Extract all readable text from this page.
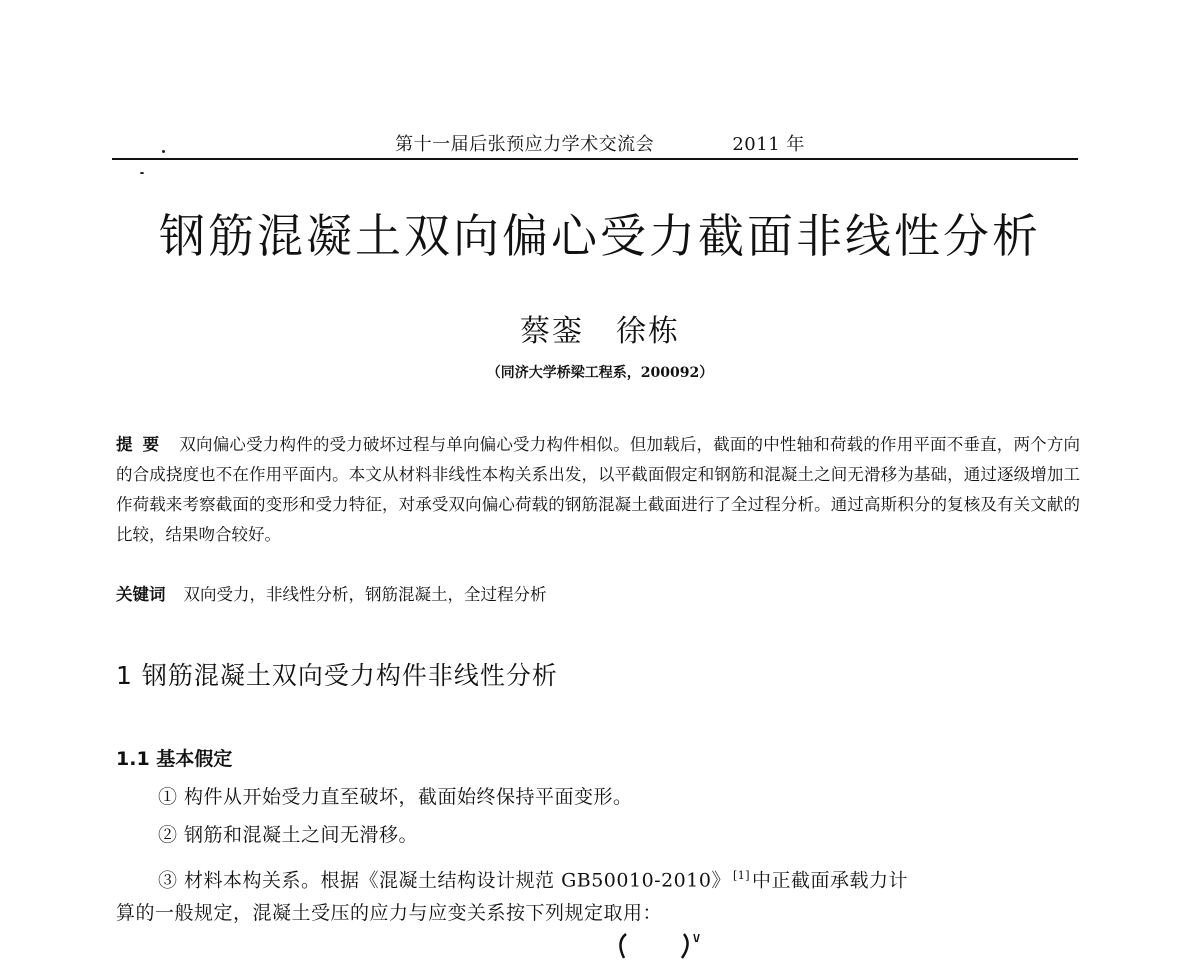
第十一届后张预应力学术交流会	2011 年
钢筋混凝土双向偏心受力截面非线性分析
蔡銮　徐栋
（同济大学桥梁工程系，200092）
提要 双向偏心受力构件的受力破坏过程与单向偏心受力构件相似。但加载后，截面的中性轴和荷载的作用平面不垂直，两个方向的合成挠度也不在作用平面内。本文从材料非线性本构关系出发，以平截面假定和钢筋和混凝土之间无滑移为基础，通过逐级增加工作荷载来考察截面的变形和受力特征，对承受双向偏心荷载的钢筋混凝土截面进行了全过程分析。通过高斯积分的复核及有关文献的比较，结果吻合较好。
关键词 双向受力，非线性分析，钢筋混凝土，全过程分析
1 钢筋混凝土双向受力构件非线性分析
1.1 基本假定
① 构件从开始受力直至破坏，截面始终保持平面变形。
② 钢筋和混凝土之间无滑移。
③ 材料本构关系。根据《混凝土结构设计规范 GB50010-2010》 [1] 中正截面承载力计
算的一般规定，混凝土受压的应力与应变关系按下列规定取用：
